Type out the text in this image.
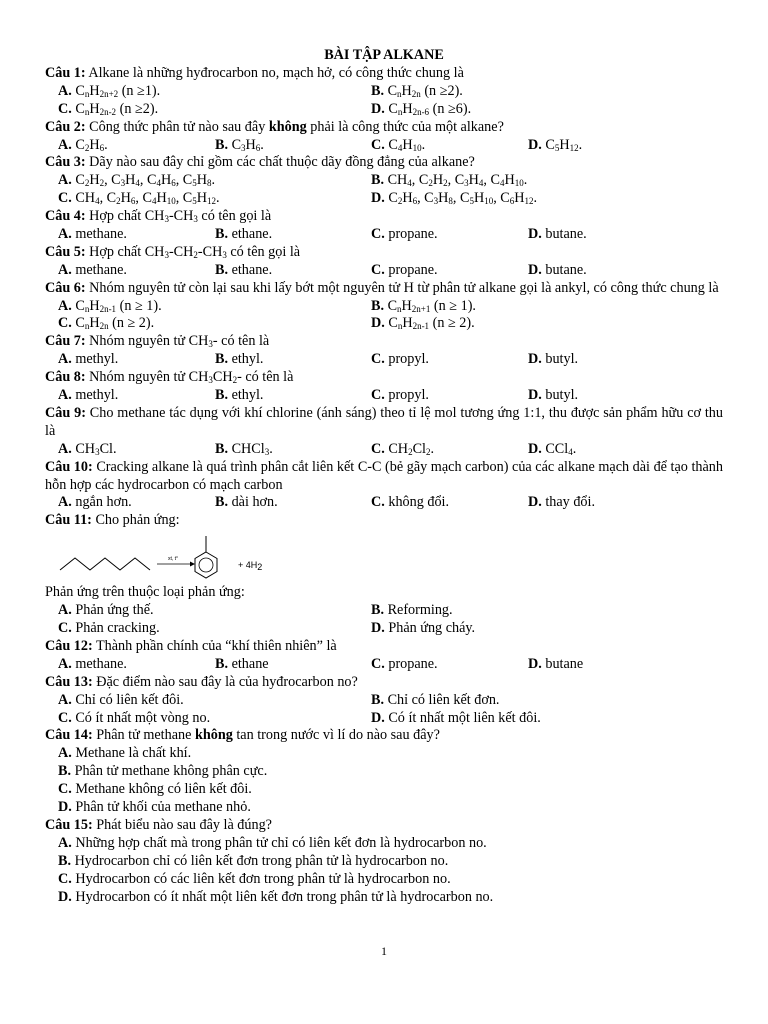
BÀI TẬP ALKANE
Câu 1: Alkane là những hyđrocarbon no, mạch hở, có công thức chung là
A. $C_nH_{2n+2}$ (n ≥1).	B. $C_nH_{2n}$ (n ≥2).
C. $C_nH_{2n-2}$ (n ≥2).	D. $C_nH_{2n-6}$ (n ≥6).
Câu 2: Công thức phân tử nào sau đây không phải là công thức của một alkane?
A. $C_2H_6$.	B. $C_3H_6$.	C. $C_4H_{10}$.	D. $C_5H_{12}$.
Câu 3: Dãy nào sau đây chỉ gồm các chất thuộc dãy đồng đẳng của alkane?
A. $C_2H_2$, $C_3H_4$, $C_4H_6$, $C_5H_8$.	B. $CH_4$, $C_2H_2$, $C_3H_4$, $C_4H_{10}$.
C. $CH_4$, $C_2H_6$, $C_4H_{10}$, $C_5H_{12}$.	D. $C_2H_6$, $C_3H_8$, $C_5H_{10}$, $C_6H_{12}$.
Câu 4: Hợp chất $CH_3-CH_3$ có tên gọi là
A. methane.	B. ethane.	C. propane.	D. butane.
Câu 5: Hợp chất $CH_3-CH_2-CH_3$ có tên gọi là
A. methane.	B. ethane.	C. propane.	D. butane.
Câu 6: Nhóm nguyên tử còn lại sau khi lấy bớt một nguyên tử H từ phân tử alkane gọi là ankyl, có công thức chung là
A. $C_nH_{2n-1}$ (n ≥ 1).	B. $C_nH_{2n+1}$ (n ≥ 1).
C. $C_nH_{2n}$ (n ≥ 2).	D. $C_nH_{2n-1}$ (n ≥ 2).
Câu 7: Nhóm nguyên tử $CH_3-$ có tên là
A. methyl.	B. ethyl.	C. propyl.	D. butyl.
Câu 8: Nhóm nguyên tử $CH_3CH_2-$ có tên là
A. methyl.	B. ethyl.	C. propyl.	D. butyl.
Câu 9: Cho methane tác dụng với khí chlorine (ánh sáng) theo tỉ lệ mol tương ứng 1:1, thu được sản phẩm hữu cơ thu là
A. $CH_3Cl$.	B. CHCl$_3$.	C. $CH_2Cl_2$.	D. CCl$_4$.
Câu 10: Cracking alkane là quá trình phân cắt liên kết C-C (bẻ gãy mạch carbon) của các alkane mạch dài để tạo thành hỗn hợp các hydrocarbon có mạch carbon
A. ngắn hơn.	B. dài hơn.	C. không đổi.	D. thay đổi.
Câu 11: Cho phản ứng:
xt, t°
+ $4H_2$
Phản ứng trên thuộc loại phản ứng:
A. Phản ứng thế.	B. Reforming.
C. Phản cracking.	D. Phản ứng cháy.
Câu 12: Thành phần chính của “khí thiên nhiên” là
A. methane.	B. ethane	C. propane.	D. butane
Câu 13: Đặc điểm nào sau đây là của hyđrocarbon no?
A. Chỉ có liên kết đôi.	B. Chỉ có liên kết đơn.
C. Có ít nhất một vòng no.	D. Có ít nhất một liên kết đôi.
Câu 14: Phân tử methane không tan trong nước vì lí do nào sau đây?
A. Methane là chất khí.
B. Phân tử methane không phân cực.
C. Methane không có liên kết đôi.
D. Phân tử khối của methane nhỏ.
Câu 15: Phát biểu nào sau đây là đúng?
A. Những hợp chất mà trong phân tử chỉ có liên kết đơn là hydrocarbon no.
B. Hydrocarbon chỉ có liên kết đơn trong phân tử là hydrocarbon no.
C. Hydrocarbon có các liên kết đơn trong phân tử là hydrocarbon no.
D. Hydrocarbon có ít nhất một liên kết đơn trong phân tử là hydrocarbon no.
1
